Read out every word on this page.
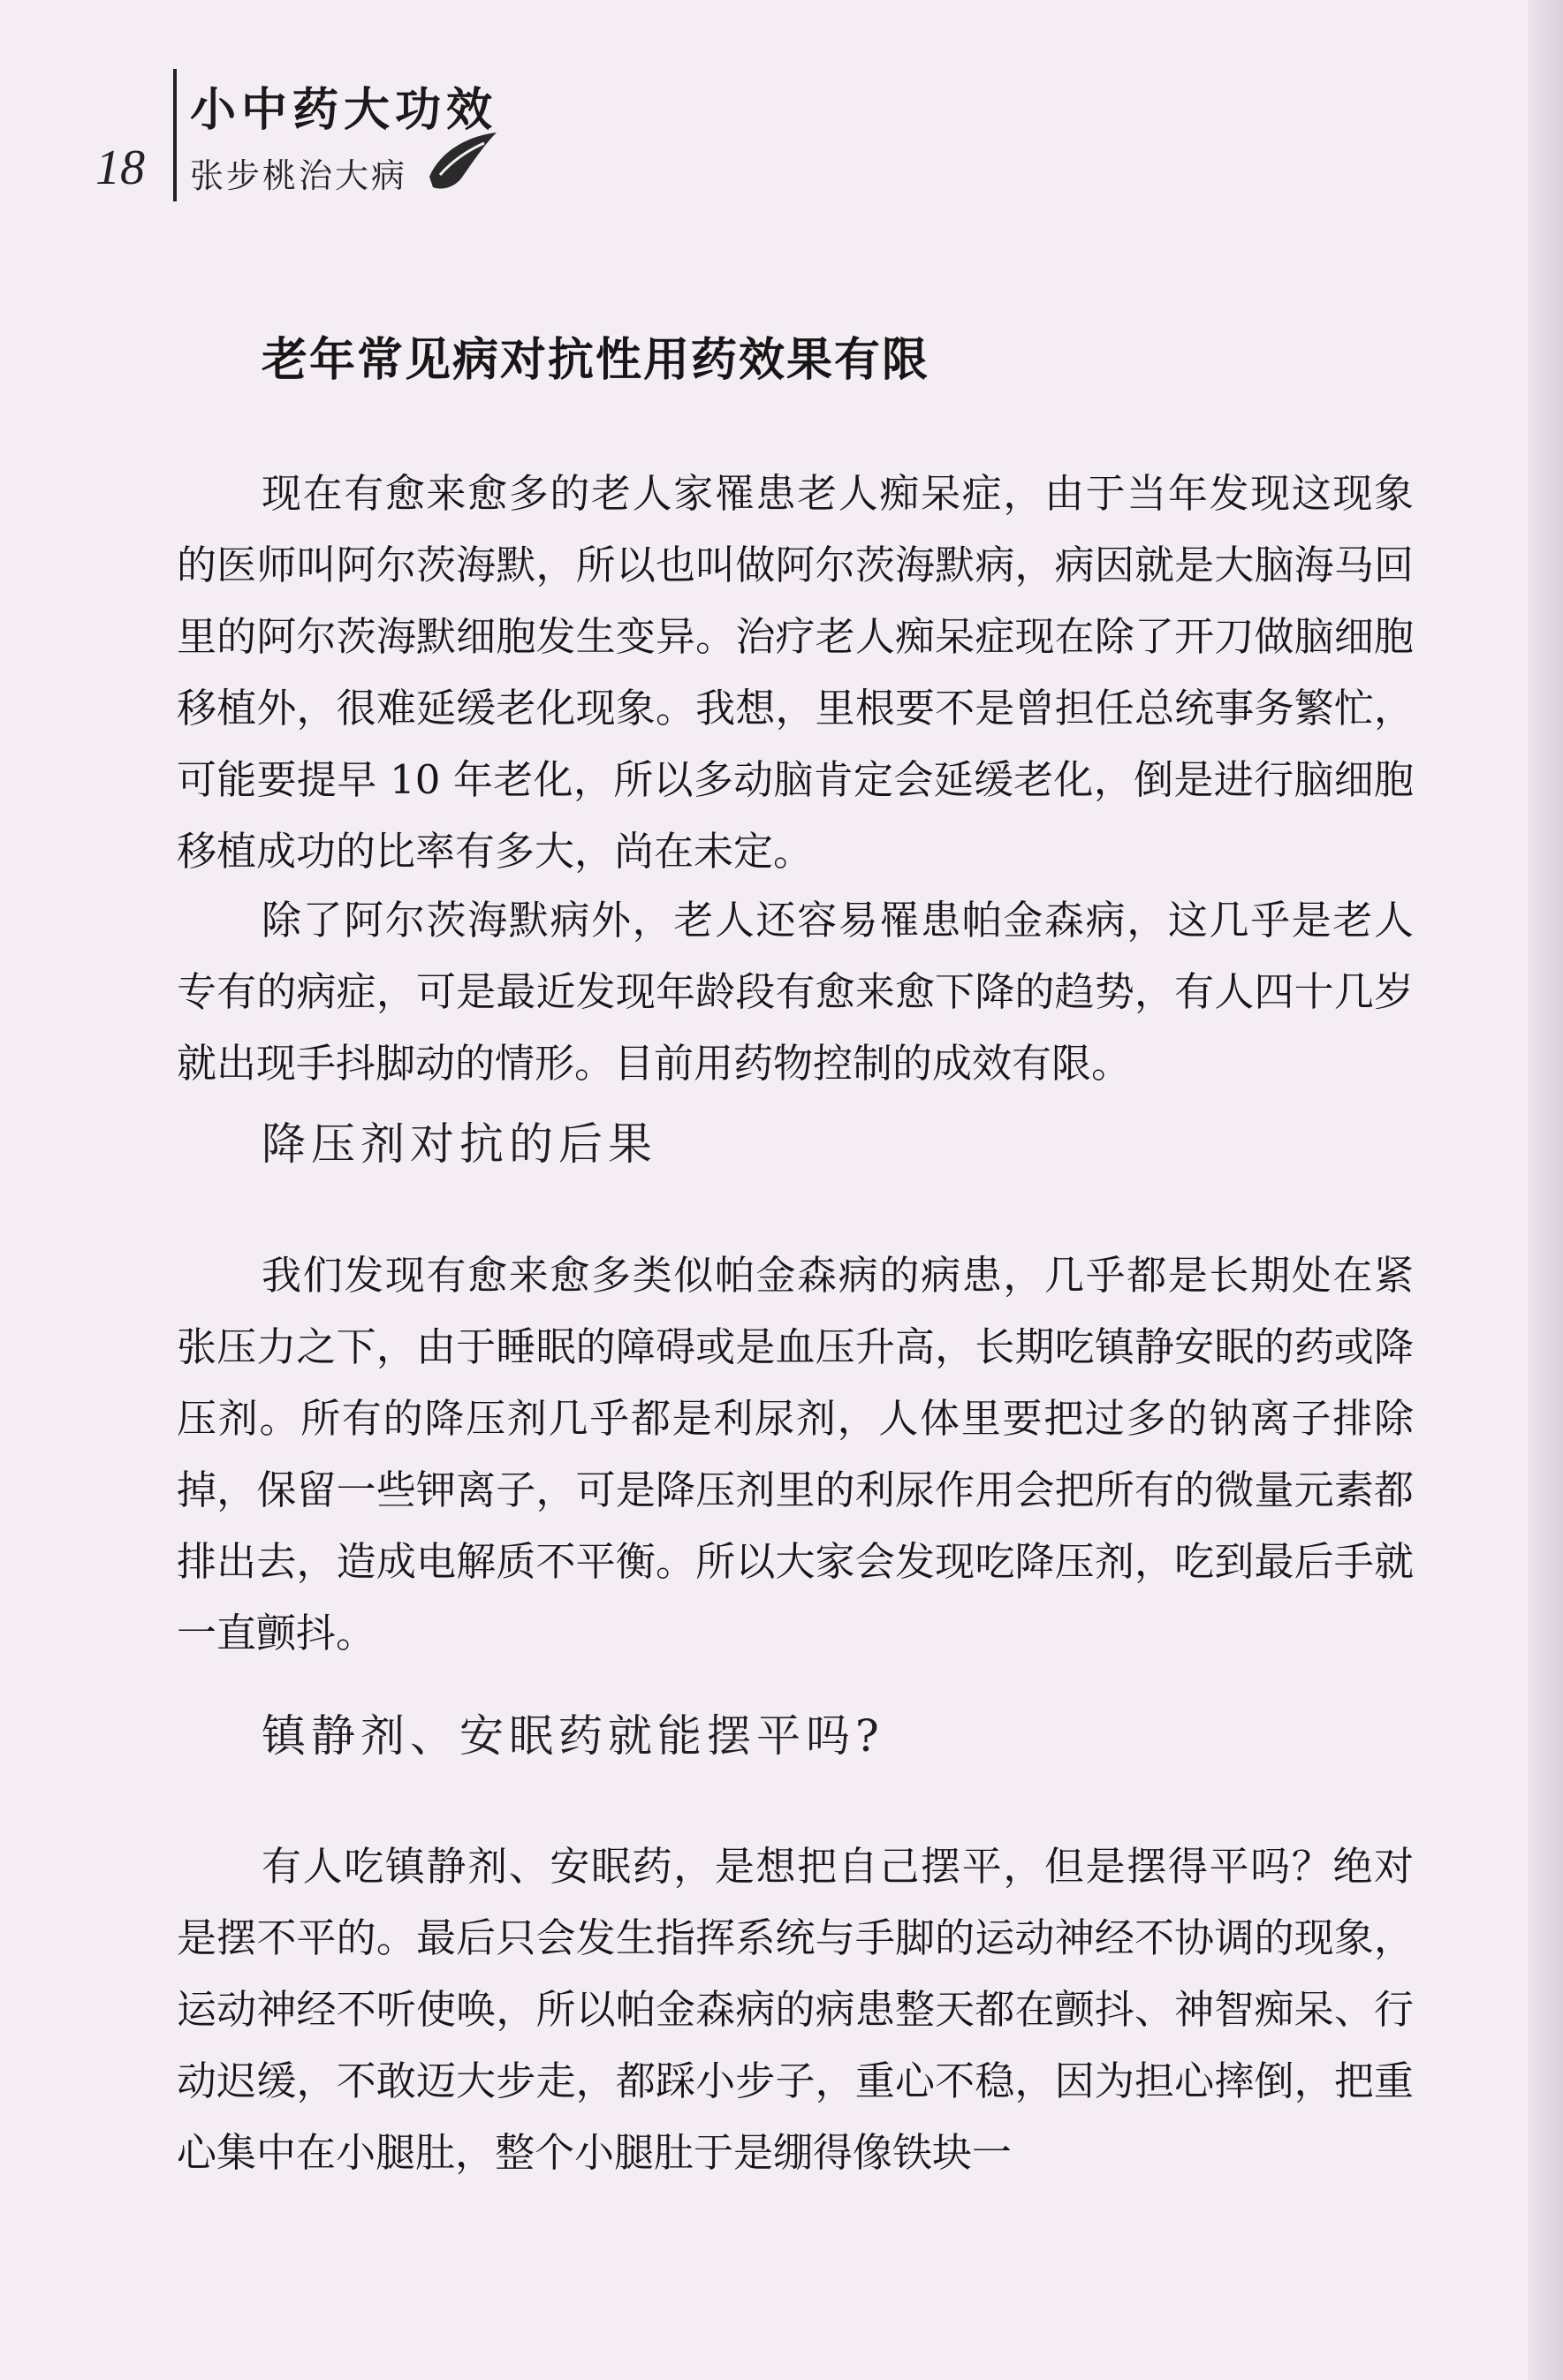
18
小中药大功效
张步桃治大病
老年常见病对抗性用药效果有限

现在有愈来愈多的老人家罹患老人痴呆症，由于当年发现这现象的医师叫阿尔茨海默，所以也叫做阿尔茨海默病，病因就是大脑海马回里的阿尔茨海默细胞发生变异。治疗老人痴呆症现在除了开刀做脑细胞移植外，很难延缓老化现象。我想，里根要不是曾担任总统事务繁忙，可能要提早 10 年老化，所以多动脑肯定会延缓老化，倒是进行脑细胞移植成功的比率有多大，尚在未定。

除了阿尔茨海默病外，老人还容易罹患帕金森病，这几乎是老人专有的病症，可是最近发现年龄段有愈来愈下降的趋势，有人四十几岁就出现手抖脚动的情形。目前用药物控制的成效有限。

降压剂对抗的后果

我们发现有愈来愈多类似帕金森病的病患，几乎都是长期处在紧张压力之下，由于睡眠的障碍或是血压升高，长期吃镇静安眠的药或降压剂。所有的降压剂几乎都是利尿剂，人体里要把过多的钠离子排除掉，保留一些钾离子，可是降压剂里的利尿作用会把所有的微量元素都排出去，造成电解质不平衡。所以大家会发现吃降压剂，吃到最后手就一直颤抖。

镇静剂、安眠药就能摆平吗?

有人吃镇静剂、安眠药，是想把自己摆平，但是摆得平吗？绝对是摆不平的。最后只会发生指挥系统与手脚的运动神经不协调的现象，运动神经不听使唤，所以帕金森病的病患整天都在颤抖、神智痴呆、行动迟缓，不敢迈大步走，都踩小步子，重心不稳，因为担心摔倒，把重心集中在小腿肚，整个小腿肚于是绷得像铁块一
